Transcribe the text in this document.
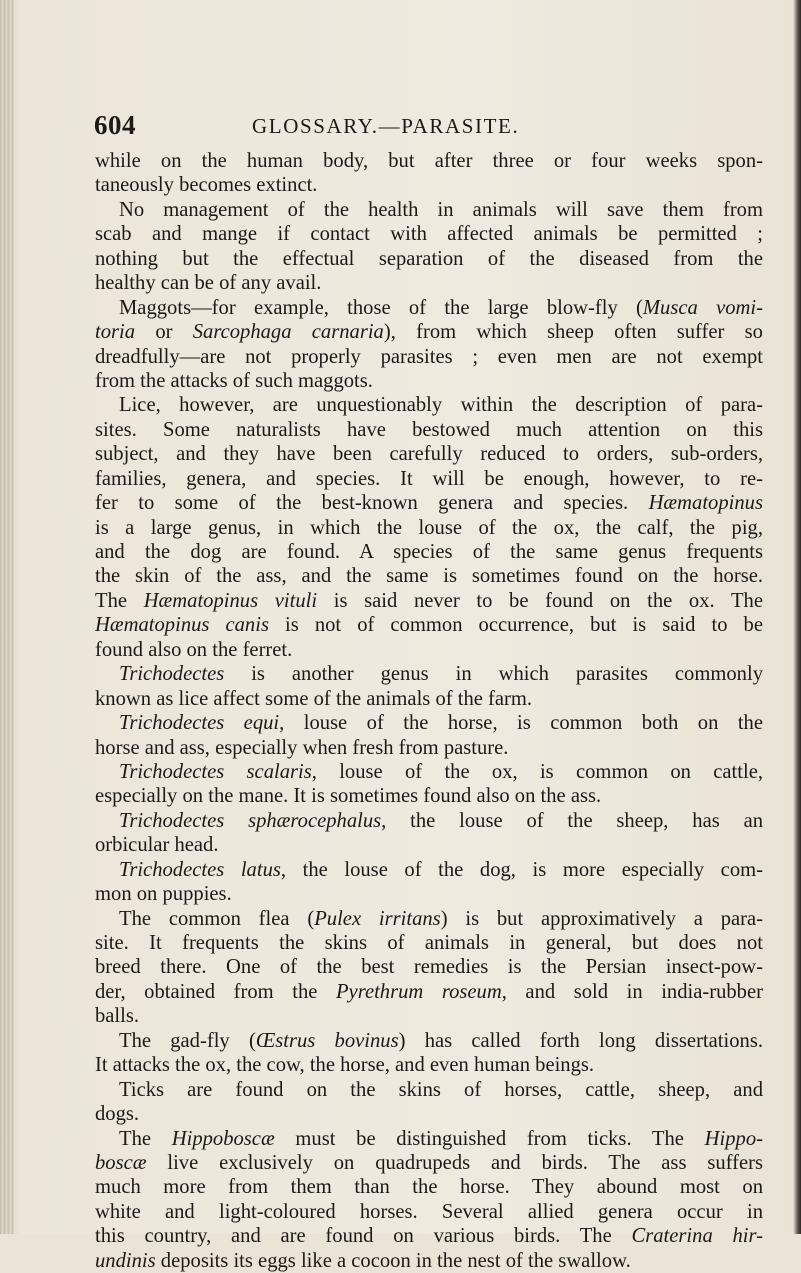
604	GLOSSARY.—PARASITE.
while on the human body, but after three or four weeks spon-
taneously becomes extinct.
No management of the health in animals will save them from
scab and mange if contact with affected animals be permitted ;
nothing but the effectual separation of the diseased from the
healthy can be of any avail.
Maggots—for example, those of the large blow-fly (Musca vomi-
toria or Sarcophaga carnaria), from which sheep often suffer so
dreadfully—are not properly parasites ; even men are not exempt
from the attacks of such maggots.
Lice, however, are unquestionably within the description of para-
sites. Some naturalists have bestowed much attention on this
subject, and they have been carefully reduced to orders, sub-orders,
families, genera, and species. It will be enough, however, to re-
fer to some of the best-known genera and species. Hæmatopinus
is a large genus, in which the louse of the ox, the calf, the pig,
and the dog are found. A species of the same genus frequents
the skin of the ass, and the same is sometimes found on the horse.
The Hæmatopinus vituli is said never to be found on the ox. The
Hæmatopinus canis is not of common occurrence, but is said to be
found also on the ferret.
Trichodectes is another genus in which parasites commonly
known as lice affect some of the animals of the farm.
Trichodectes equi, louse of the horse, is common both on the
horse and ass, especially when fresh from pasture.
Trichodectes scalaris, louse of the ox, is common on cattle,
especially on the mane. It is sometimes found also on the ass.
Trichodectes sphærocephalus, the louse of the sheep, has an
orbicular head.
Trichodectes latus, the louse of the dog, is more especially com-
mon on puppies.
The common flea (Pulex irritans) is but approximatively a para-
site. It frequents the skins of animals in general, but does not
breed there. One of the best remedies is the Persian insect-pow-
der, obtained from the Pyrethrum roseum, and sold in india-rubber
balls.
The gad-fly (Œstrus bovinus) has called forth long dissertations.
It attacks the ox, the cow, the horse, and even human beings.
Ticks are found on the skins of horses, cattle, sheep, and
dogs.
The Hippoboscæ must be distinguished from ticks. The Hippo-
boscæ live exclusively on quadrupeds and birds. The ass suffers
much more from them than the horse. They abound most on
white and light-coloured horses. Several allied genera occur in
this country, and are found on various birds. The Craterina hir-
undinis deposits its eggs like a cocoon in the nest of the swallow.
